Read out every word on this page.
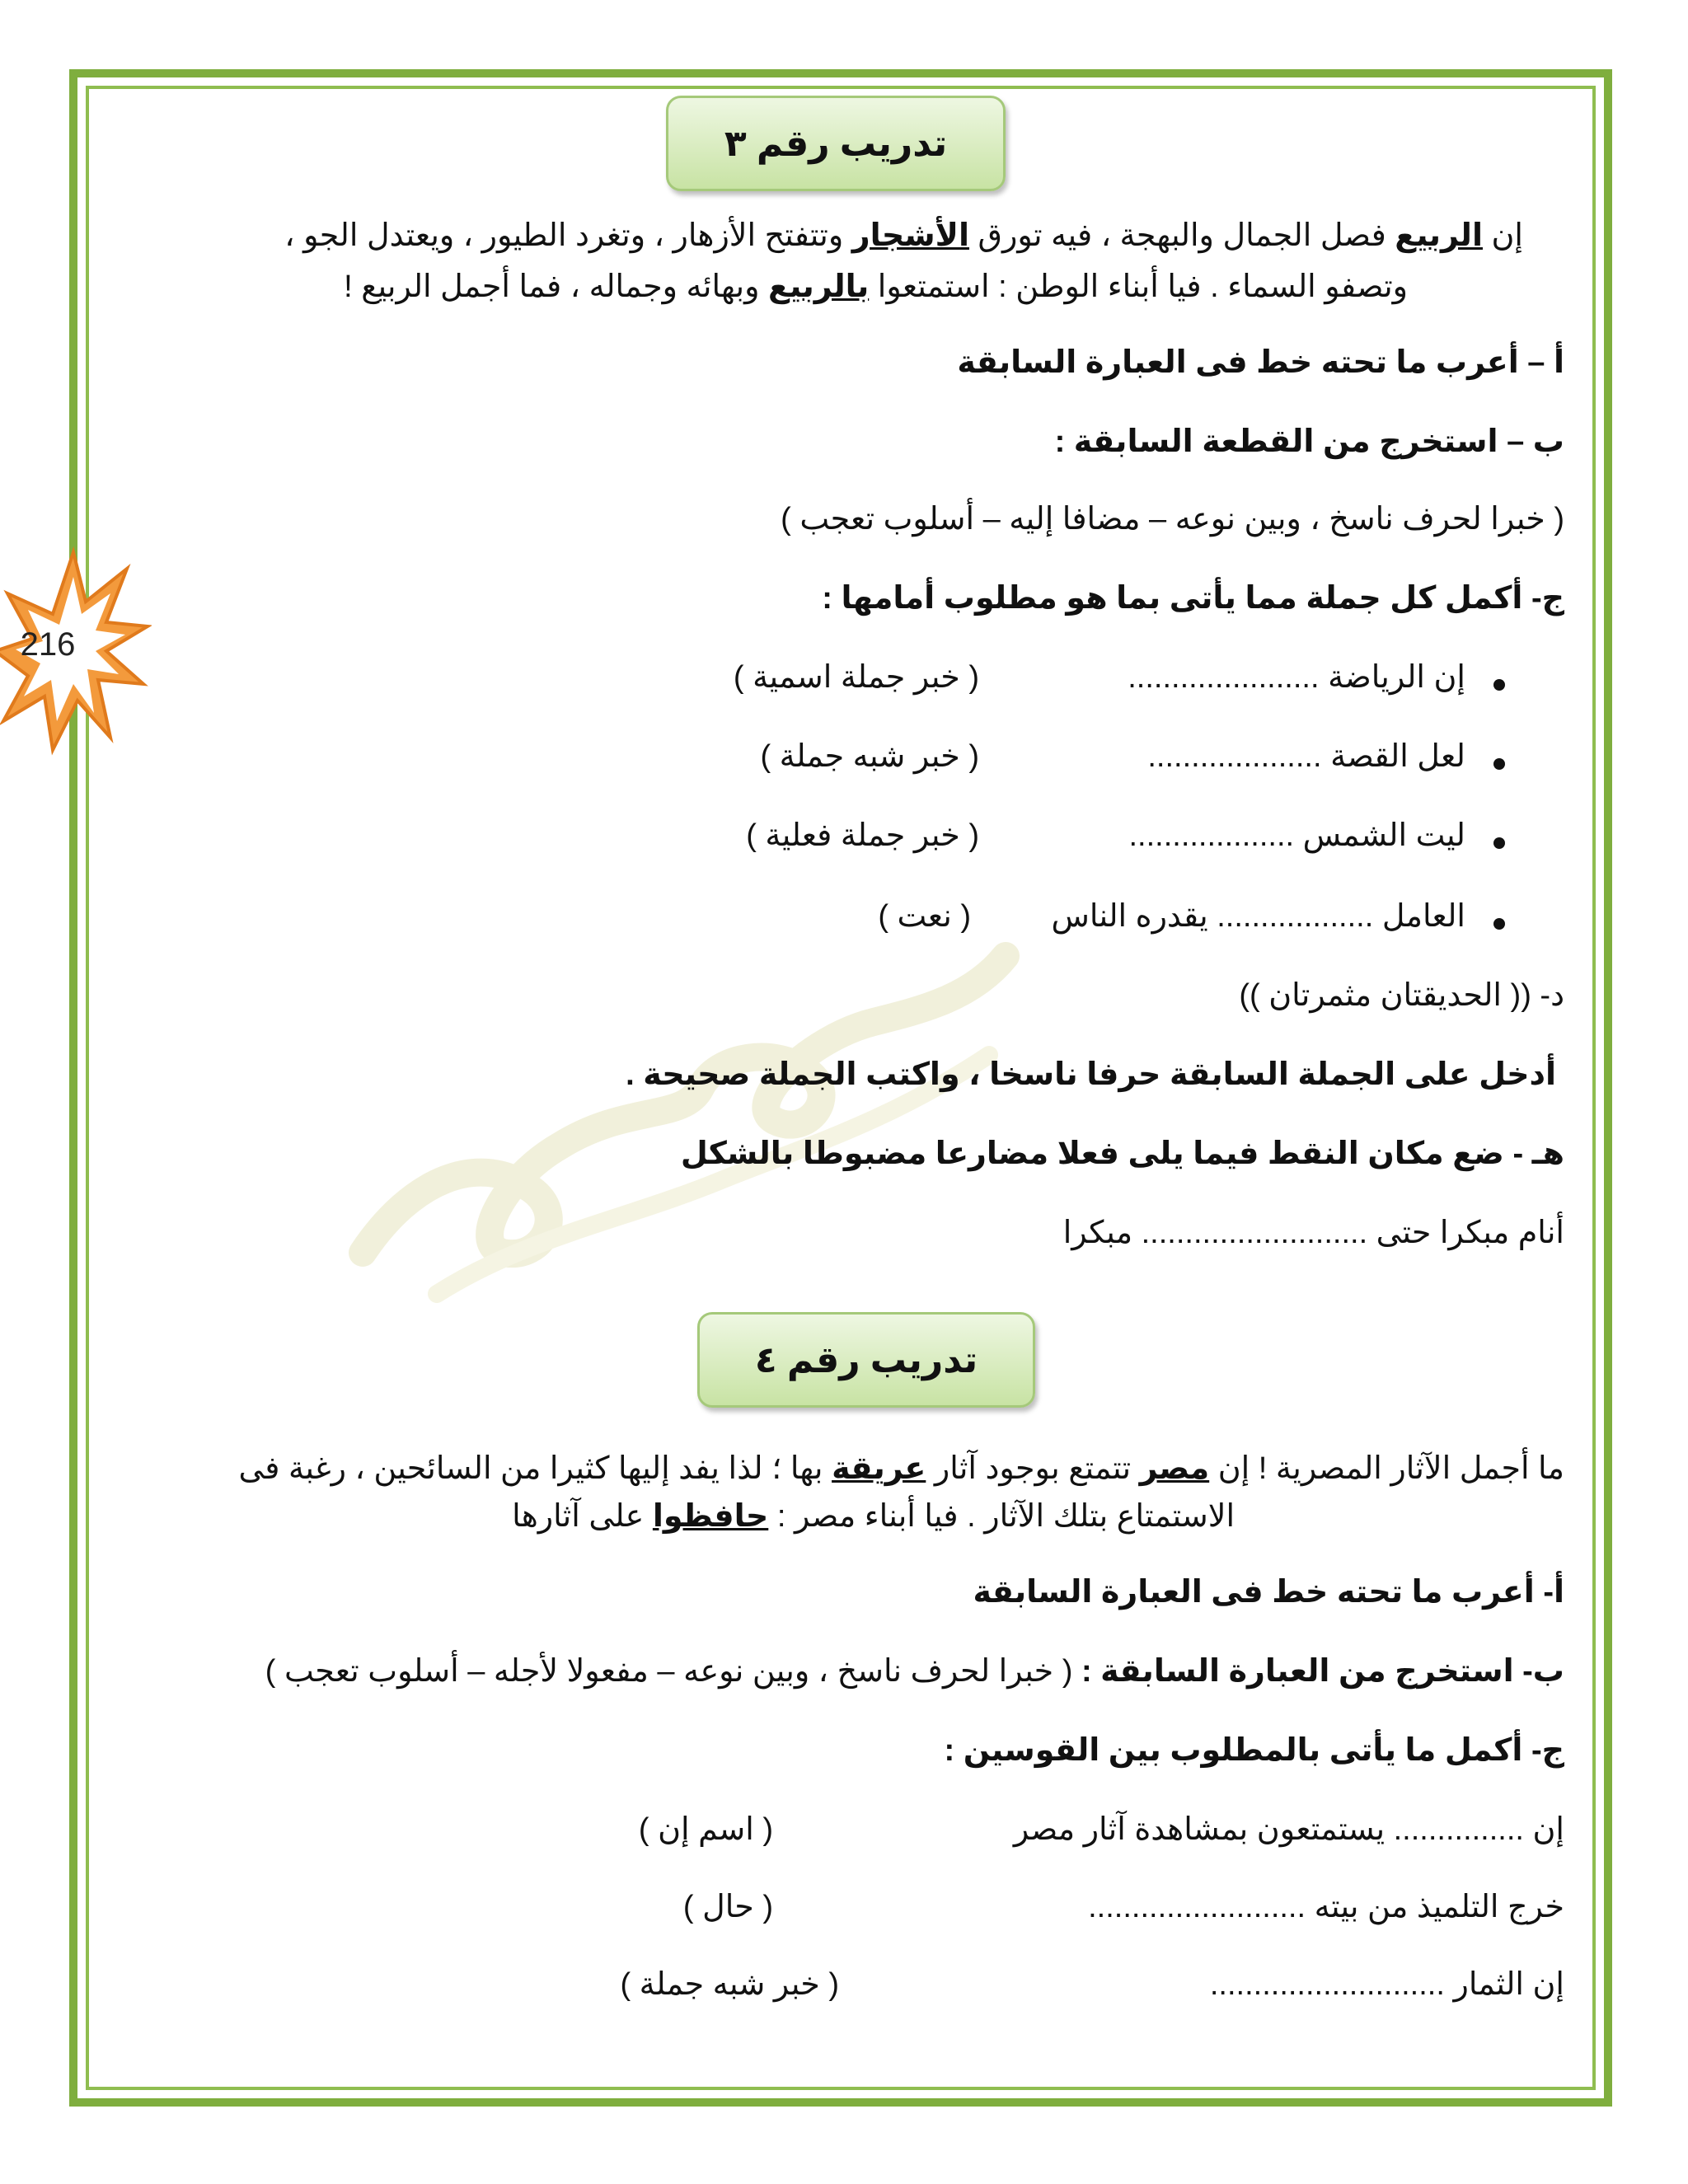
216
تدريب رقم ٣
إن الربيع فصل الجمال والبهجة ، فيه تورق الأشجار وتتفتح الأزهار ، وتغرد الطيور ، ويعتدل الجو ،
وتصفو السماء . فيا أبناء الوطن : استمتعوا بالربيع وبهائه وجماله ، فما أجمل الربيع !
أ – أعرب ما تحته خط فى العبارة السابقة
ب – استخرج من القطعة السابقة :
( خبرا لحرف ناسخ ، وبين نوعه – مضافا إليه – أسلوب تعجب )
ج- أكمل كل جملة مما يأتى بما هو مطلوب أمامها :
إن الرياضة ......................
( خبر جملة اسمية )
لعل القصة ....................
( خبر شبه جملة )
ليت الشمس ...................
( خبر جملة فعلية )
العامل .................. يقدره الناس
( نعت )
د- (( الحديقتان مثمرتان ))
أدخل على الجملة السابقة حرفا ناسخا ، واكتب الجملة صحيحة .
هـ - ضع مكان النقط فيما يلى فعلا مضارعا مضبوطا بالشكل
أنام مبكرا حتى .......................... مبكرا
تدريب رقم ٤
ما أجمل الآثار المصرية ! إن مصر تتمتع بوجود آثار عريقة بها ؛ لذا يفد إليها كثيرا من السائحين ، رغبة فى
الاستمتاع بتلك الآثار . فيا أبناء مصر : حافظوا على آثارها
أ- أعرب ما تحته خط فى العبارة السابقة
ب- استخرج من العبارة السابقة : ( خبرا لحرف ناسخ ، وبين نوعه – مفعولا لأجله – أسلوب تعجب )
ج- أكمل ما يأتى بالمطلوب بين القوسين :
إن ............... يستمتعون بمشاهدة آثار مصر
( اسم إن )
خرج التلميذ من بيته .........................
( حال )
إن الثمار ...........................
( خبر شبه جملة )
